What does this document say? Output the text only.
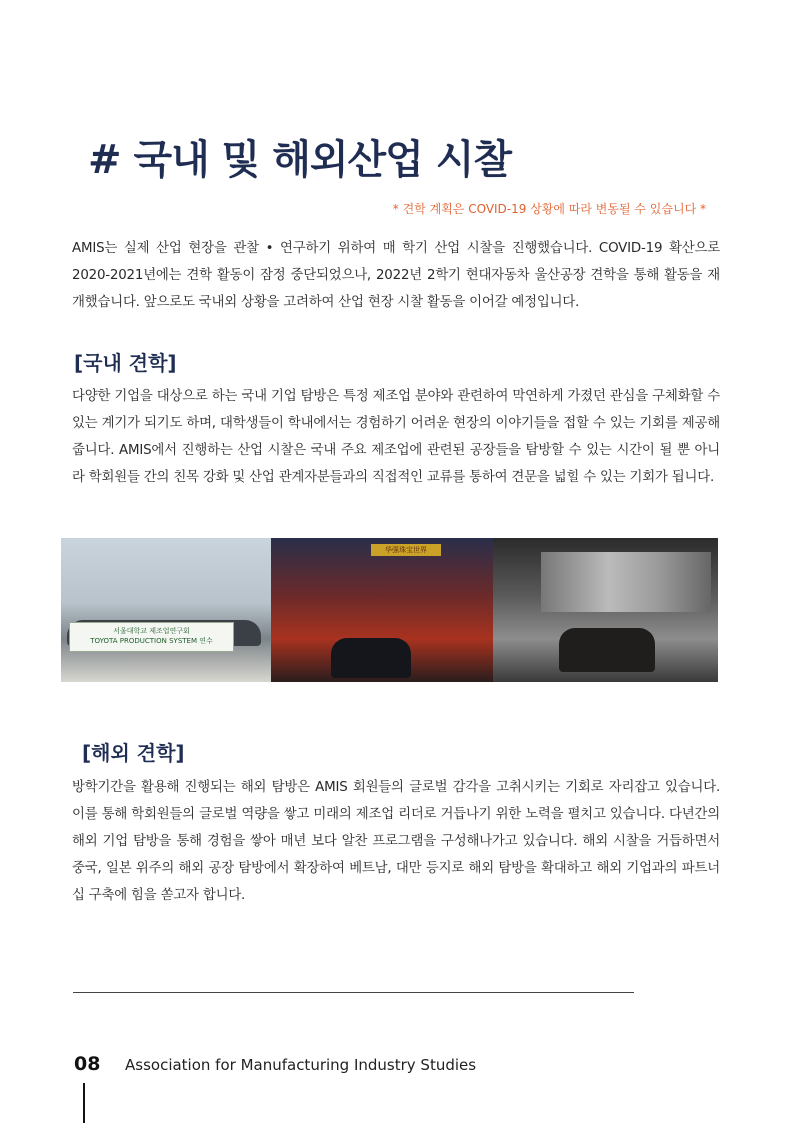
# 국내 및 해외산업 시찰
* 견학 계획은 COVID-19 상황에 따라 변동될 수 있습니다 *

AMIS는 실제 산업 현장을 관찰 • 연구하기 위하여 매 학기 산업 시찰을 진행했습니다. COVID-19 확산으로 2020-2021년에는 견학 활동이 잠정 중단되었으나, 2022년 2학기 현대자동차 울산공장 견학을 통해 활동을 재개했습니다. 앞으로도 국내외 상황을 고려하여 산업 현장 시찰 활동을 이어갈 예정입니다.

[국내 견학]

다양한 기업을 대상으로 하는 국내 기업 탐방은 특정 제조업 분야와 관련하여 막연하게 가졌던 관심을 구체화할 수 있는 계기가 되기도 하며, 대학생들이 학내에서는 경험하기 어려운 현장의 이야기들을 접할 수 있는 기회를 제공해줍니다. AMIS에서 진행하는 산업 시찰은 국내 주요 제조업에 관련된 공장들을 탐방할 수 있는 시간이 될 뿐 아니라 학회원들 간의 친목 강화 및 산업 관계자분들과의 직접적인 교류를 통하여 견문을 넓힐 수 있는 기회가 됩니다.

서울대학교 제조업연구회
TOYOTA PRODUCTION SYSTEM 연수
华强珠宝世界
[해외 견학]

방학기간을 활용해 진행되는 해외 탐방은 AMIS 회원들의 글로벌 감각을 고취시키는 기회로 자리잡고 있습니다. 이를 통해 학회원들의 글로벌 역량을 쌓고 미래의 제조업 리더로 거듭나기 위한 노력을 펼치고 있습니다. 다년간의 해외 기업 탐방을 통해 경험을 쌓아 매년 보다 알찬 프로그램을 구성해나가고 있습니다. 해외 시찰을 거듭하면서 중국, 일본 위주의 해외 공장 탐방에서 확장하여 베트남, 대만 등지로 해외 탐방을 확대하고 해외 기업과의 파트너십 구축에 힘을 쏟고자 합니다.

08 Association for Manufacturing Industry Studies
